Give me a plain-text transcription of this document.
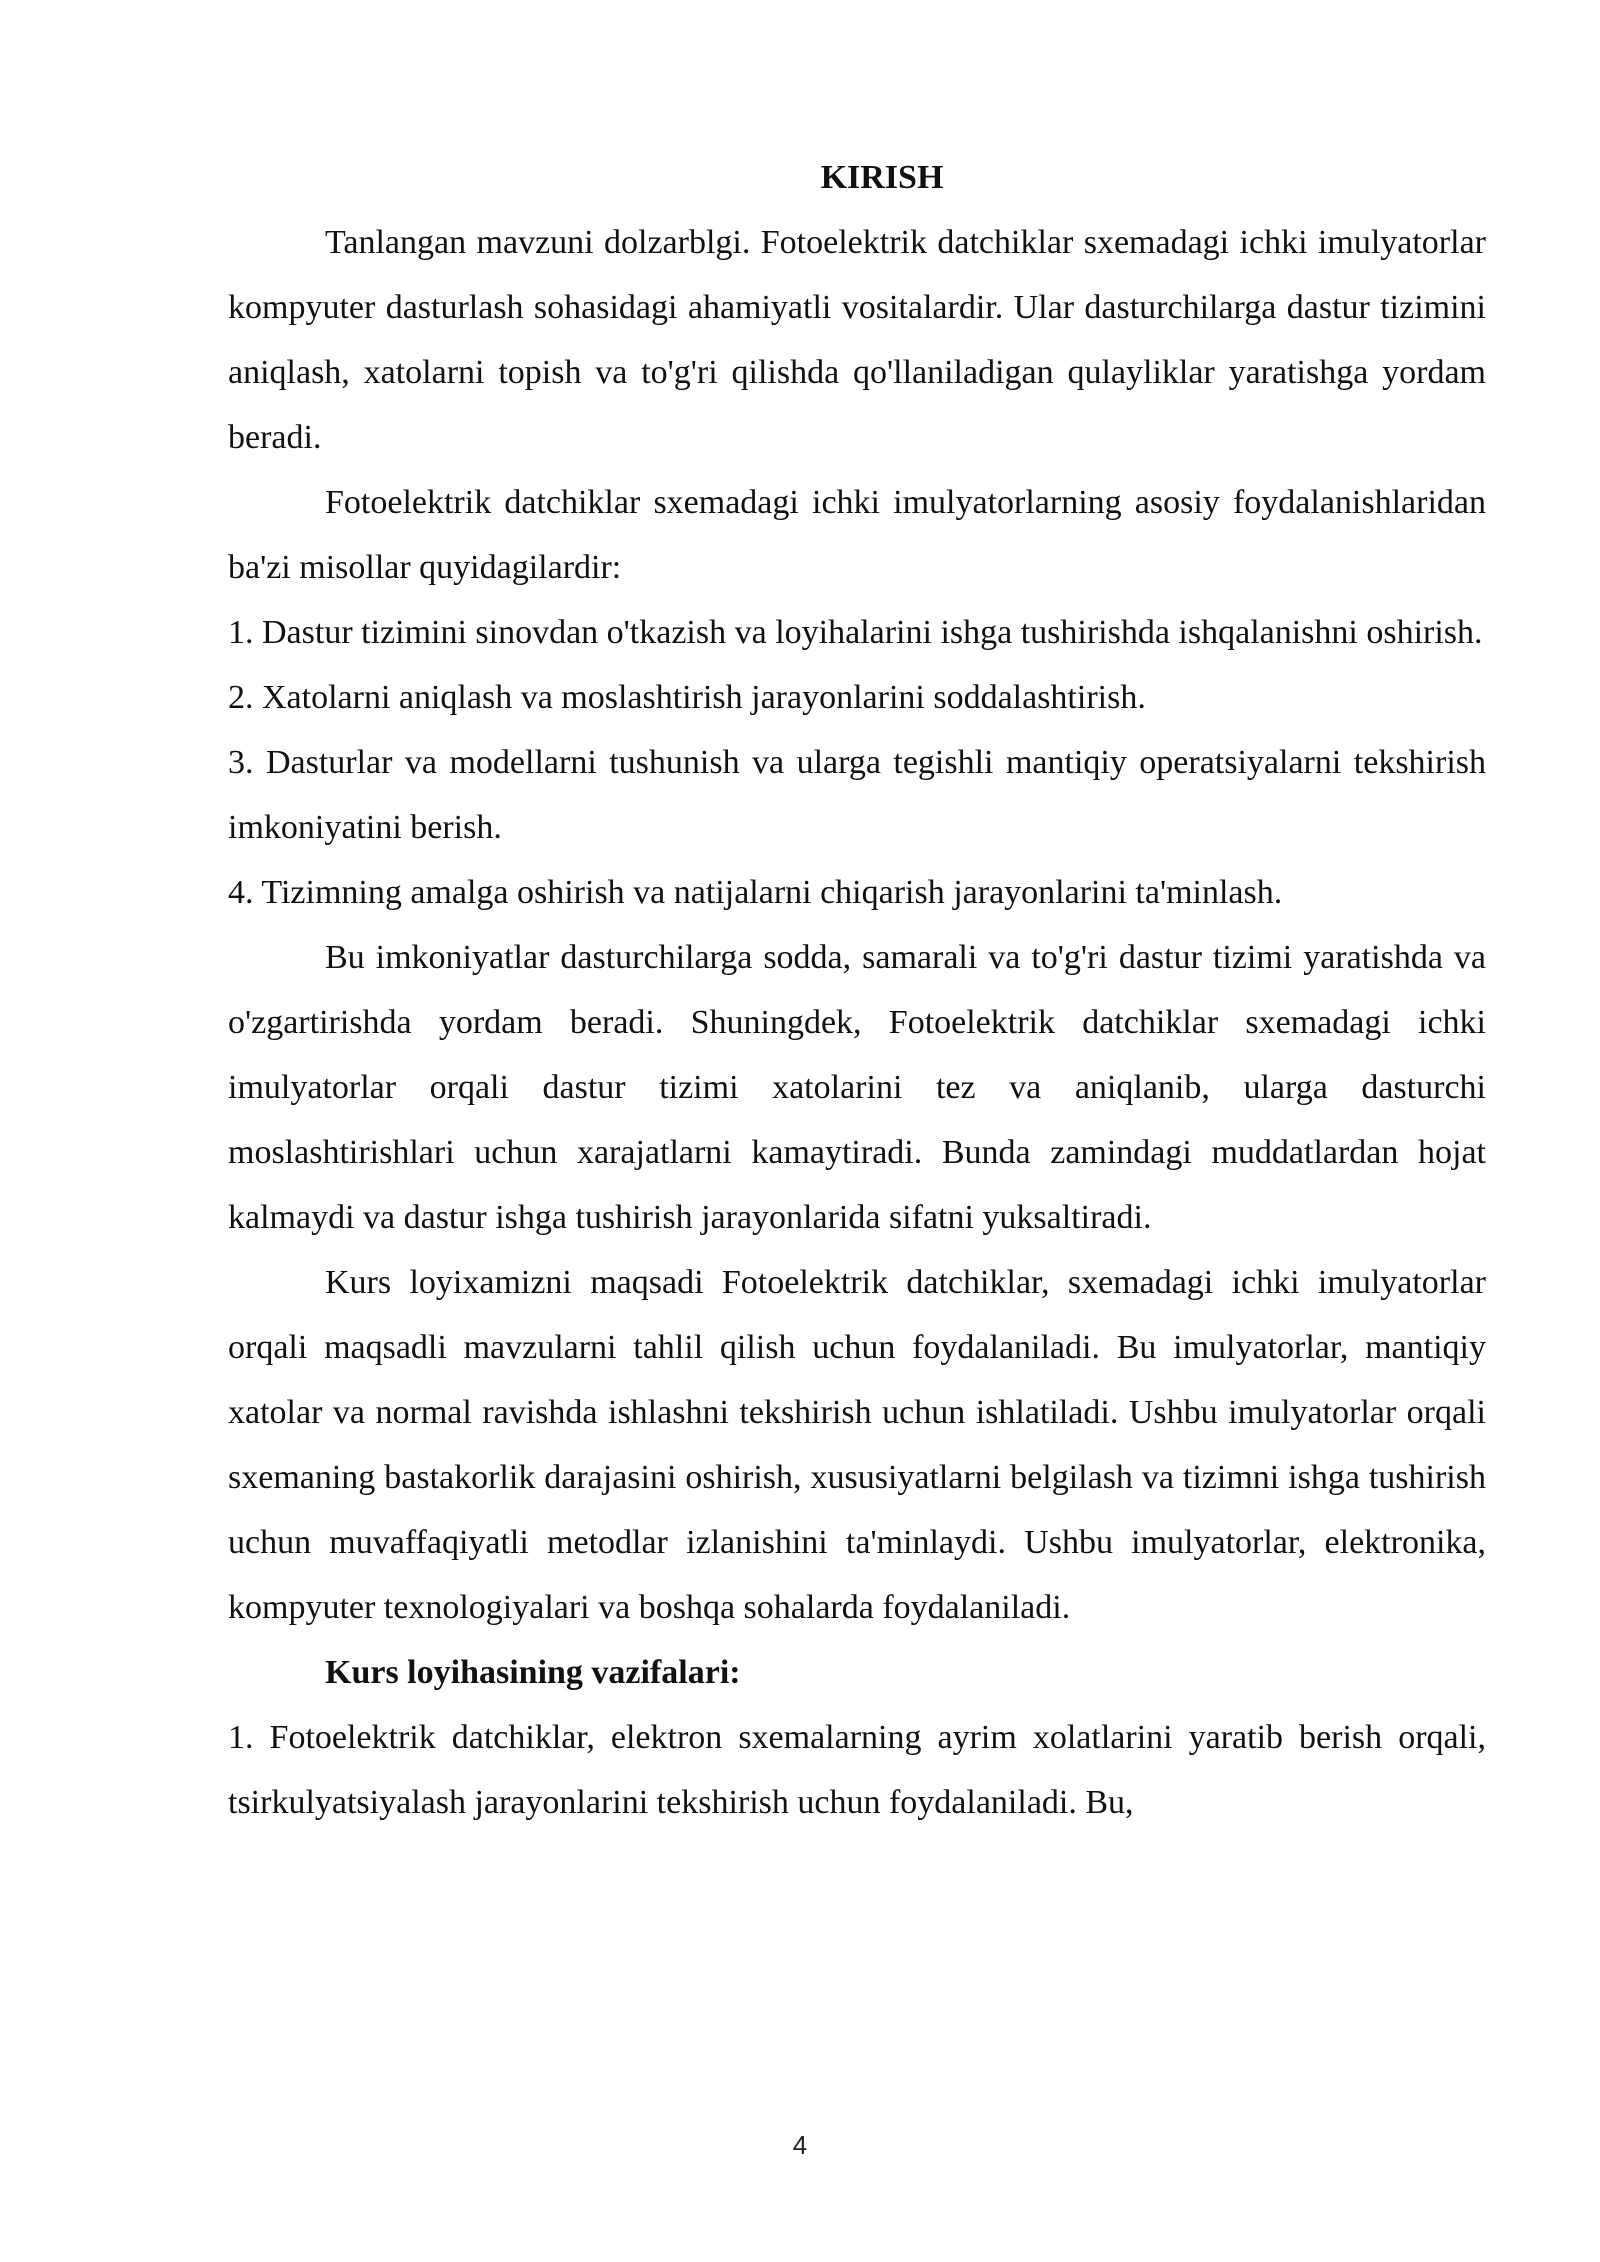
KIRISH

Tanlangan mavzuni dolzarblgi. Fotoelektrik datchiklar sxemadagi ichki imulyatorlar kompyuter dasturlash sohasidagi ahamiyatli vositalardir. Ular dasturchilarga dastur tizimini aniqlash, xatolarni topish va to'g'ri qilishda qo'llaniladigan qulayliklar yaratishga yordam beradi.

Fotoelektrik datchiklar sxemadagi ichki imulyatorlarning asosiy foydalanishlaridan ba'zi misollar quyidagilardir:

1. Dastur tizimini sinovdan o'tkazish va loyihalarini ishga tushirishda ishqalanishni oshirish.

2. Xatolarni aniqlash va moslashtirish jarayonlarini soddalashtirish.

3. Dasturlar va modellarni tushunish va ularga tegishli mantiqiy operatsiyalarni tekshirish imkoniyatini berish.

4. Tizimning amalga oshirish va natijalarni chiqarish jarayonlarini ta'minlash.

Bu imkoniyatlar dasturchilarga sodda, samarali va to'g'ri dastur tizimi yaratishda va o'zgartirishda yordam beradi. Shuningdek, Fotoelektrik datchiklar sxemadagi ichki imulyatorlar orqali dastur tizimi xatolarini tez va aniqlanib, ularga dasturchi moslashtirishlari uchun xarajatlarni kamaytiradi. Bunda zamindagi muddatlardan hojat kalmaydi va dastur ishga tushirish jarayonlarida sifatni yuksaltiradi.

Kurs loyixamizni maqsadi Fotoelektrik datchiklar, sxemadagi ichki imulyatorlar orqali maqsadli mavzularni tahlil qilish uchun foydalaniladi. Bu imulyatorlar, mantiqiy xatolar va normal ravishda ishlashni tekshirish uchun ishlatiladi. Ushbu imulyatorlar orqali sxemaning bastakorlik darajasini oshirish, xususiyatlarni belgilash va tizimni ishga tushirish uchun muvaffaqiyatli metodlar izlanishini ta'minlaydi. Ushbu imulyatorlar, elektronika, kompyuter texnologiyalari va boshqa sohalarda foydalaniladi.

Kurs loyihasining vazifalari:

1. Fotoelektrik datchiklar, elektron sxemalarning ayrim xolatlarini yaratib berish orqali, tsirkulyatsiyalash jarayonlarini tekshirish uchun foydalaniladi. Bu,

4
